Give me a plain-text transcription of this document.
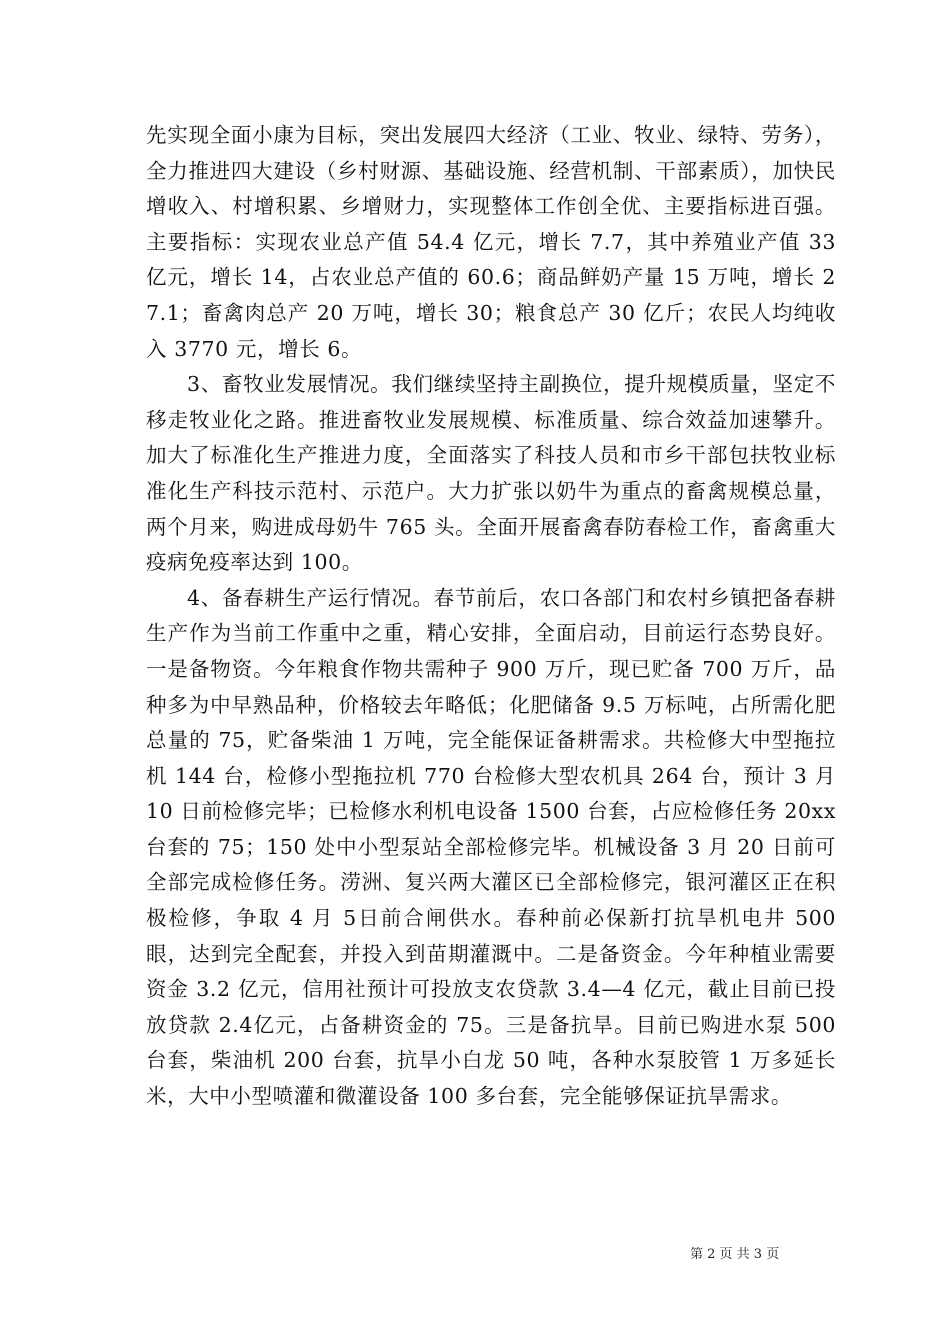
先实现全面小康为目标，突出发展四大经济（工业、牧业、绿特、劳务），全力推进四大建设（乡村财源、基础设施、经营机制、干部素质），加快民增收入、村增积累、乡增财力，实现整体工作创全优、主要指标进百强。主要指标：实现农业总产值 54.4 亿元，增长 7.7，其中养殖业产值 33 亿元，增长 14，占农业总产值的 60.6；商品鲜奶产量 15 万吨，增长 27.1；畜禽肉总产 20 万吨，增长 30；粮食总产 30 亿斤；农民人均纯收入 3770 元，增长 6。

3、畜牧业发展情况。我们继续坚持主副换位，提升规模质量，坚定不移走牧业化之路。推进畜牧业发展规模、标准质量、综合效益加速攀升。加大了标准化生产推进力度，全面落实了科技人员和市乡干部包扶牧业标准化生产科技示范村、示范户。大力扩张以奶牛为重点的畜禽规模总量，两个月来，购进成母奶牛 765 头。全面开展畜禽春防春检工作，畜禽重大疫病免疫率达到 100。

4、备春耕生产运行情况。春节前后，农口各部门和农村乡镇把备春耕生产作为当前工作重中之重，精心安排，全面启动，目前运行态势良好。一是备物资。今年粮食作物共需种子 900 万斤，现已贮备 700 万斤，品种多为中早熟品种，价格较去年略低；化肥储备 9.5 万标吨，占所需化肥总量的 75，贮备柴油 1 万吨，完全能保证备耕需求。共检修大中型拖拉机 144 台，检修小型拖拉机 770 台检修大型农机具 264 台，预计 3 月 10 日前检修完毕；已检修水利机电设备 1500 台套，占应检修任务 20xx 台套的 75；150 处中小型泵站全部检修完毕。机械设备 3 月 20 日前可全部完成检修任务。涝洲、复兴两大灌区已全部检修完，银河灌区正在积极检修，争取 4 月 5日前合闸供水。春种前必保新打抗旱机电井 500 眼，达到完全配套，并投入到苗期灌溉中。二是备资金。今年种植业需要资金 3.2 亿元，信用社预计可投放支农贷款 3.4—4 亿元，截止目前已投放贷款 2.4亿元，占备耕资金的 75。三是备抗旱。目前已购进水泵 500 台套，柴油机 200 台套，抗旱小白龙 50 吨，各种水泵胶管 1 万多延长米，大中小型喷灌和微灌设备 100 多台套，完全能够保证抗旱需求。

第 2 页 共 3 页
